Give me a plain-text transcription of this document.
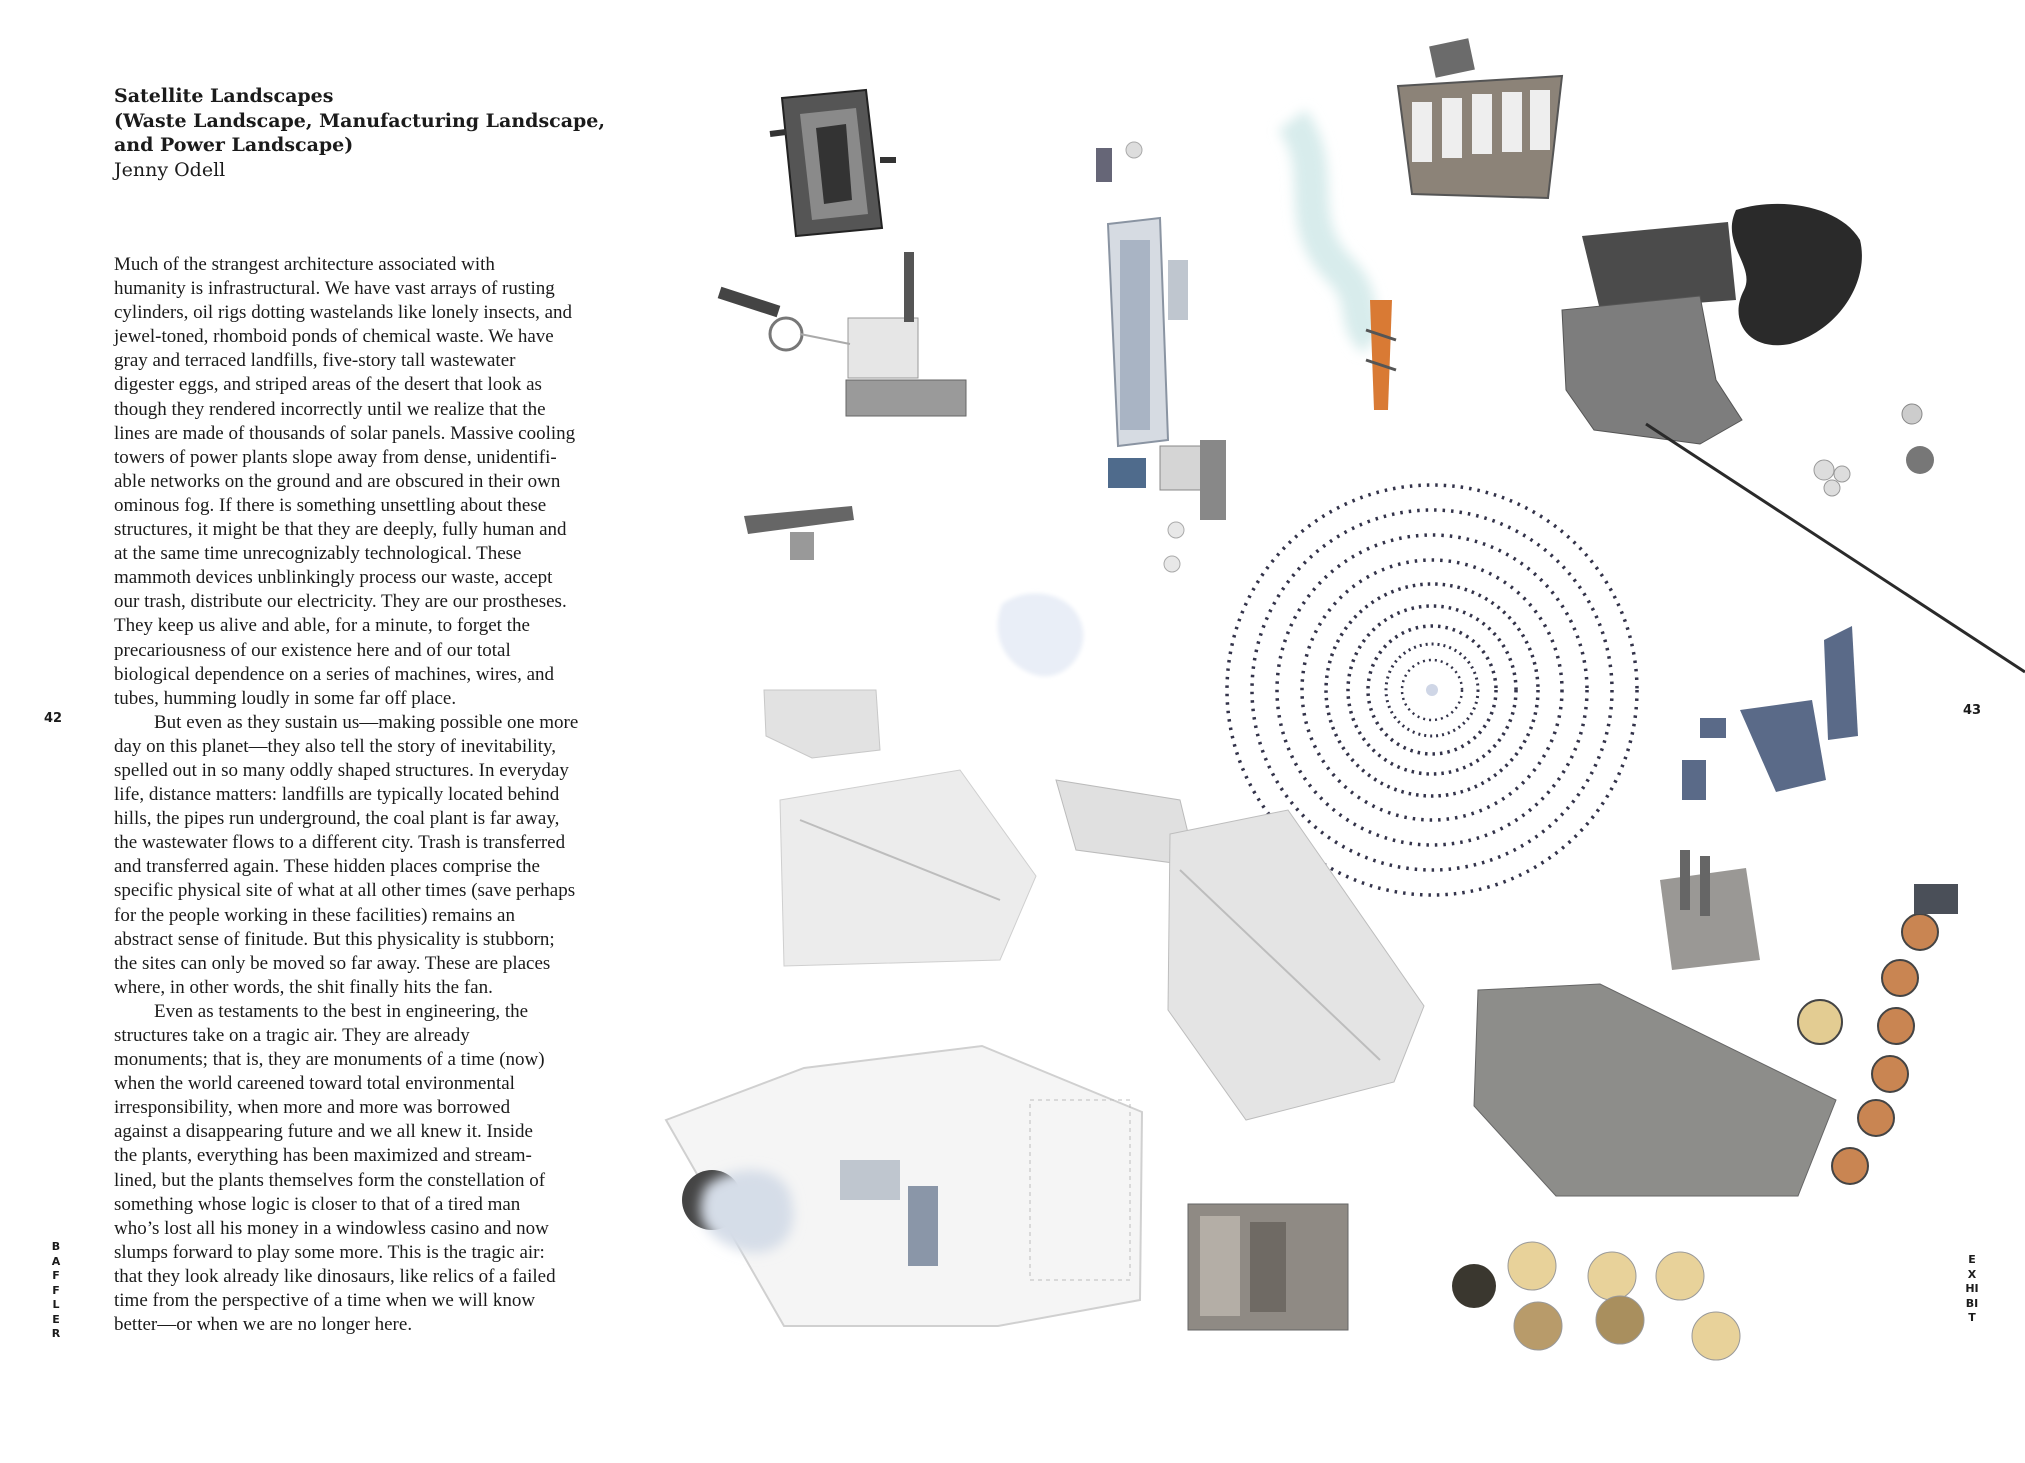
Satellite Landscapes
(Waste Landscape, Manufacturing Landscape,
and Power Landscape)
Jenny Odell
Much of the strangest architecture associated with
humanity is infrastructural. We have vast arrays of rusting
cylinders, oil rigs dotting wastelands like lonely insects, and
jewel-toned, rhomboid ponds of chemical waste. We have
gray and terraced landfills, five-story tall wastewater
digester eggs, and striped areas of the desert that look as
though they rendered incorrectly until we realize that the
lines are made of thousands of solar panels. Massive cooling
towers of power plants slope away from dense, unidentifi-
able networks on the ground and are obscured in their own
ominous fog. If there is something unsettling about these
structures, it might be that they are deeply, fully human and
at the same time unrecognizably technological. These
mammoth devices unblinkingly process our waste, accept
our trash, distribute our electricity. They are our prostheses.
They keep us alive and able, for a minute, to forget the
precariousness of our existence here and of our total
biological dependence on a series of machines, wires, and
tubes, humming loudly in some far off place.
But even as they sustain us—making possible one more
day on this planet—they also tell the story of inevitability,
spelled out in so many oddly shaped structures. In everyday
life, distance matters: landfills are typically located behind
hills, the pipes run underground, the coal plant is far away,
the wastewater flows to a different city. Trash is transferred
and transferred again. These hidden places comprise the
specific physical site of what at all other times (save perhaps
for the people working in these facilities) remains an
abstract sense of finitude. But this physicality is stubborn;
the sites can only be moved so far away. These are places
where, in other words, the shit finally hits the fan.
Even as testaments to the best in engineering, the
structures take on a tragic air. They are already
monuments; that is, they are monuments of a time (now)
when the world careened toward total environmental
irresponsibility, when more and more was borrowed
against a disappearing future and we all knew it. Inside
the plants, everything has been maximized and stream-
lined, but the plants themselves form the constellation of
something whose logic is closer to that of a tired man
who’s lost all his money in a windowless casino and now
slumps forward to play some more. This is the tragic air:
that they look already like dinosaurs, like relics of a failed
time from the perspective of a time when we will know
better—or when we are no longer here.
42
43
BAFFLER
EXHIBIT
